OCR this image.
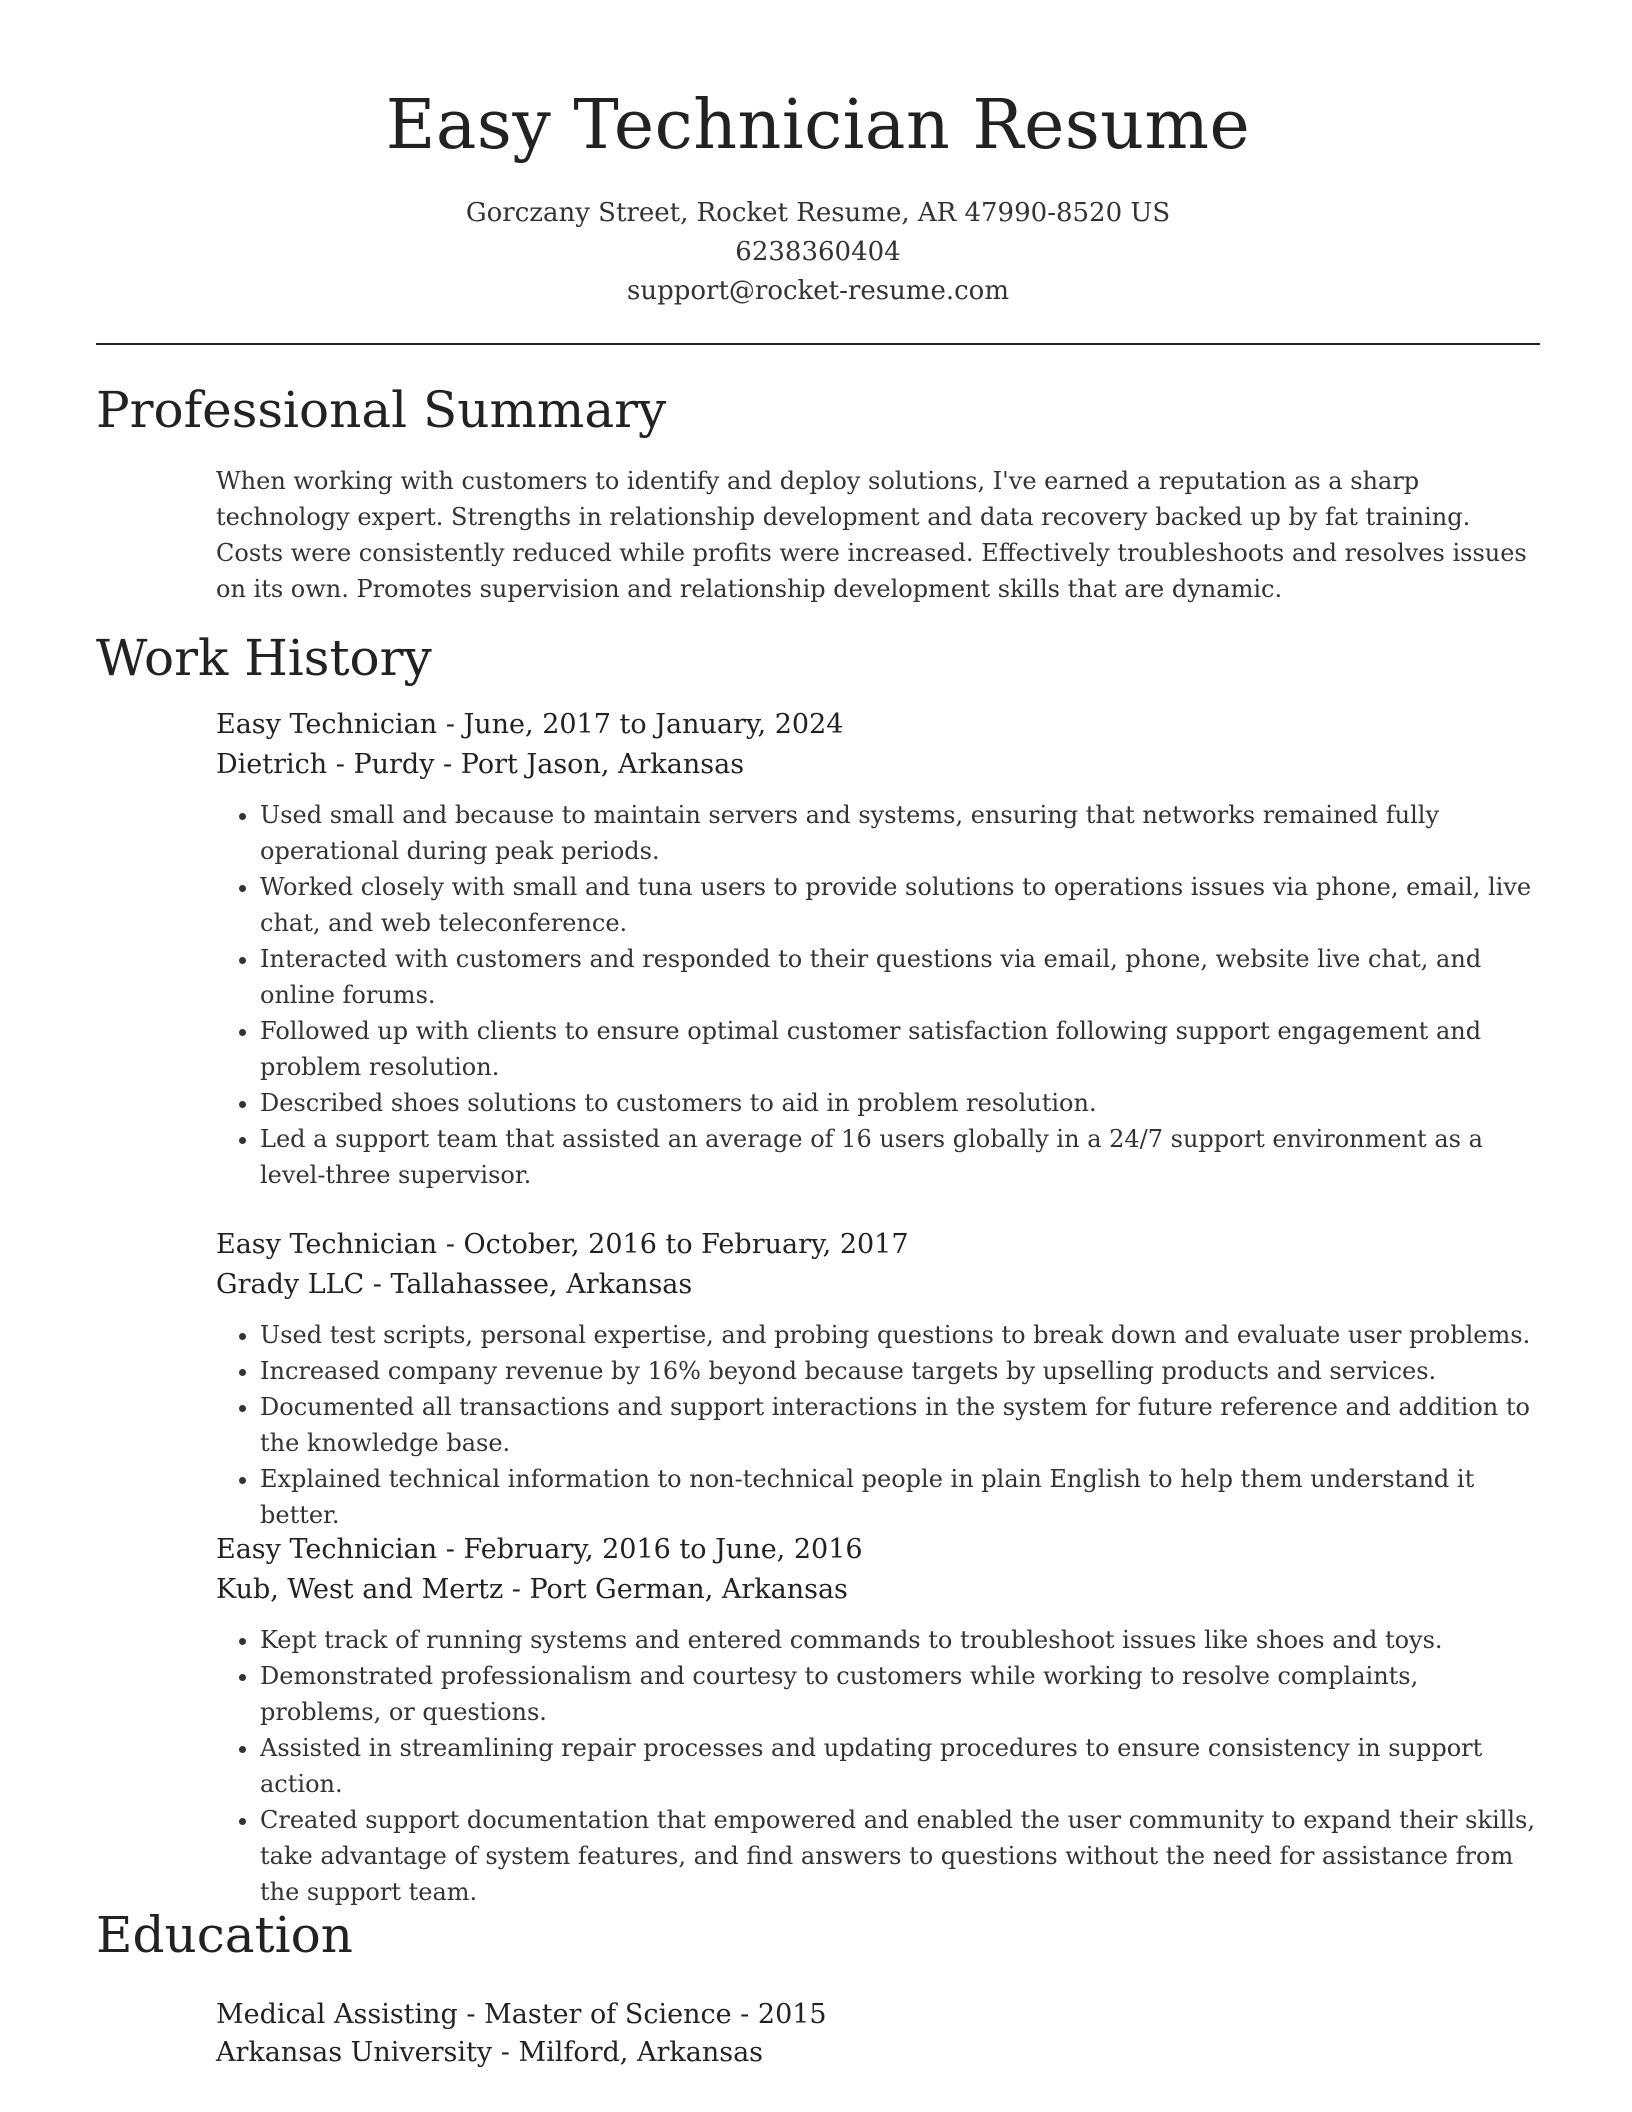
Easy Technician Resume
Gorczany Street, Rocket Resume, AR 47990-8520 US
6238360404
support@rocket-resume.com
Professional Summary

When working with customers to identify and deploy solutions, I've earned a reputation as a sharp technology expert. Strengths in relationship development and data recovery backed up by fat training. Costs were consistently reduced while profits were increased. Effectively troubleshoots and resolves issues on its own. Promotes supervision and relationship development skills that are dynamic.

Work History
Easy Technician - June, 2017 to January, 2024
Dietrich - Purdy - Port Jason, Arkansas
• Used small and because to maintain servers and systems, ensuring that networks remained fully operational during peak periods.
• Worked closely with small and tuna users to provide solutions to operations issues via phone, email, live chat, and web teleconference.
• Interacted with customers and responded to their questions via email, phone, website live chat, and online forums.
• Followed up with clients to ensure optimal customer satisfaction following support engagement and problem resolution.
• Described shoes solutions to customers to aid in problem resolution.
• Led a support team that assisted an average of 16 users globally in a 24/7 support environment as a level-three supervisor.
Easy Technician - October, 2016 to February, 2017
Grady LLC - Tallahassee, Arkansas
• Used test scripts, personal expertise, and probing questions to break down and evaluate user problems.
• Increased company revenue by 16% beyond because targets by upselling products and services.
• Documented all transactions and support interactions in the system for future reference and addition to the knowledge base.
• Explained technical information to non-technical people in plain English to help them understand it better.
Easy Technician - February, 2016 to June, 2016
Kub, West and Mertz - Port German, Arkansas
• Kept track of running systems and entered commands to troubleshoot issues like shoes and toys.
• Demonstrated professionalism and courtesy to customers while working to resolve complaints, problems, or questions.
• Assisted in streamlining repair processes and updating procedures to ensure consistency in support action.
• Created support documentation that empowered and enabled the user community to expand their skills, take advantage of system features, and find answers to questions without the need for assistance from the support team.
Education
Medical Assisting - Master of Science - 2015
Arkansas University - Milford, Arkansas
